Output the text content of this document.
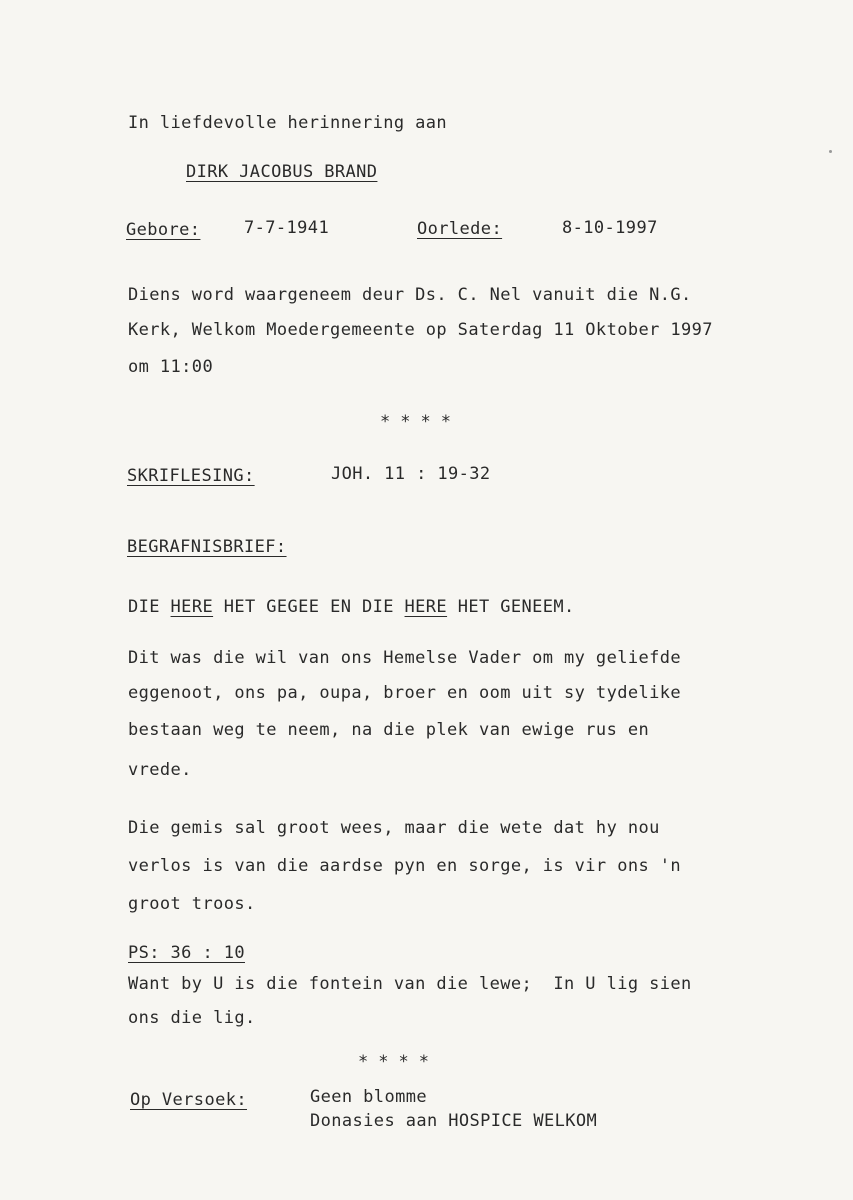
In liefdevolle herinnering aan
DIRK JACOBUS BRAND
Gebore:	7-7-1941	Oorlede:	8-10-1997
Diens word waargeneem deur Ds. C. Nel vanuit die N.G.
Kerk, Welkom Moedergemeente op Saterdag 11 Oktober 1997
om 11:00
****
SKRIFLESING:	JOH. 11 : 19-32
BEGRAFNISBRIEF:
DIE HERE HET GEGEE EN DIE HERE HET GENEEM.
Dit was die wil van ons Hemelse Vader om my geliefde
eggenoot, ons pa, oupa, broer en oom uit sy tydelike
bestaan weg te neem, na die plek van ewige rus en
vrede.
Die gemis sal groot wees, maar die wete dat hy nou
verlos is van die aardse pyn en sorge, is vir ons 'n
groot troos.
PS: 36 : 10
Want by U is die fontein van die lewe;  In U lig sien
ons die lig.
****
Op Versoek:	Geen blomme
Donasies aan HOSPICE WELKOM
